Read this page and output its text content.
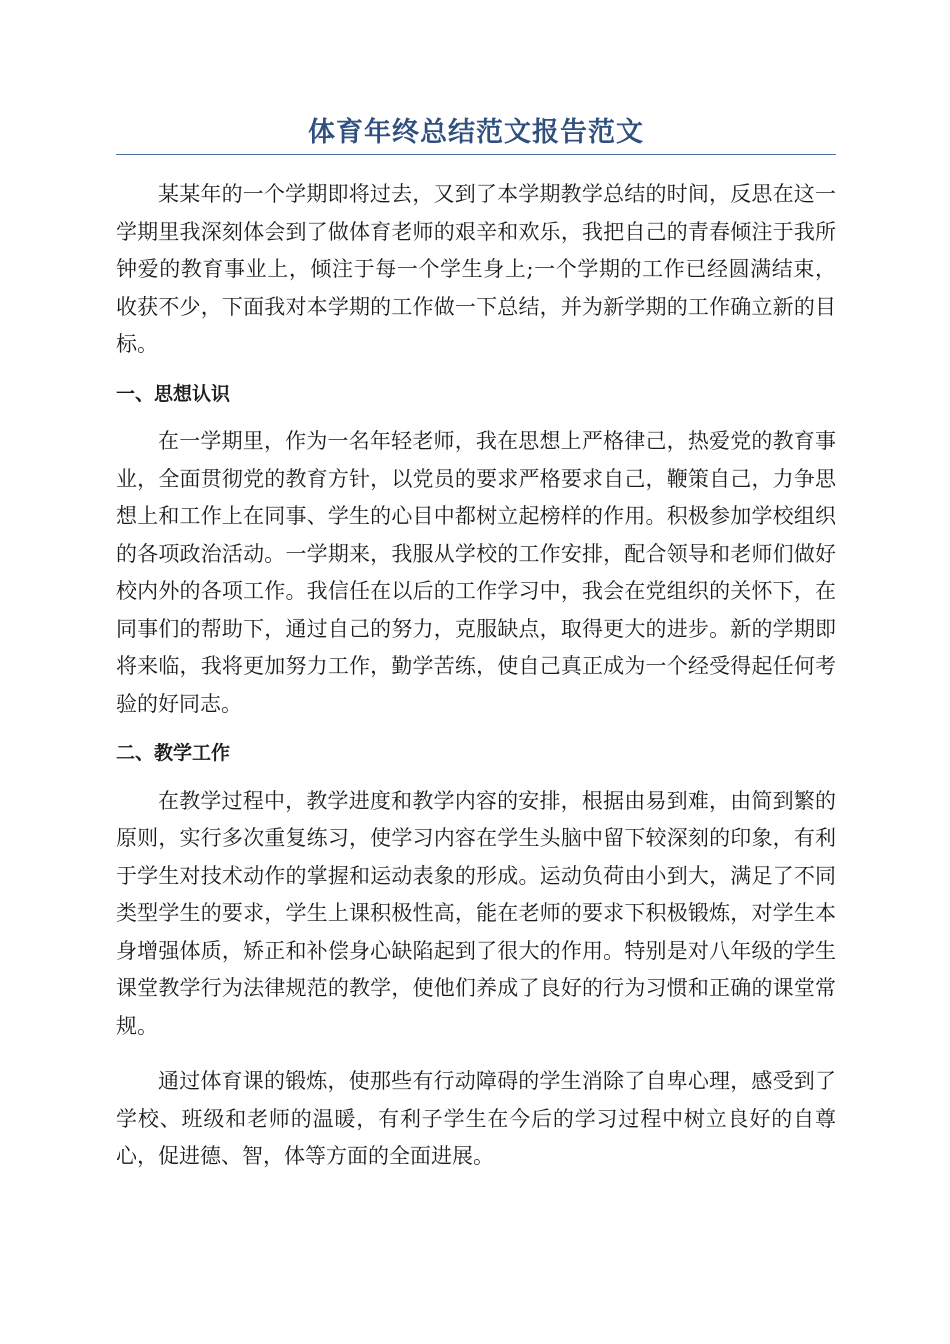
体育年终总结范文报告范文

某某年的一个学期即将过去，又到了本学期教学总结的时间，反思在这一学期里我深刻体会到了做体育老师的艰辛和欢乐，我把自己的青春倾注于我所钟爱的教育事业上，倾注于每一个学生身上;一个学期的工作已经圆满结束，收获不少，下面我对本学期的工作做一下总结，并为新学期的工作确立新的目标。

一、思想认识

在一学期里，作为一名年轻老师，我在思想上严格律己，热爱党的教育事业，全面贯彻党的教育方针，以党员的要求严格要求自己，鞭策自己，力争思想上和工作上在同事、学生的心目中都树立起榜样的作用。积极参加学校组织的各项政治活动。一学期来，我服从学校的工作安排，配合领导和老师们做好校内外的各项工作。我信任在以后的工作学习中，我会在党组织的关怀下，在同事们的帮助下，通过自己的努力，克服缺点，取得更大的进步。新的学期即将来临，我将更加努力工作，勤学苦练，使自己真正成为一个经受得起任何考验的好同志。

二、教学工作

在教学过程中，教学进度和教学内容的安排，根据由易到难，由简到繁的原则，实行多次重复练习，使学习内容在学生头脑中留下较深刻的印象，有利于学生对技术动作的掌握和运动表象的形成。运动负荷由小到大，满足了不同类型学生的要求，学生上课积极性高，能在老师的要求下积极锻炼，对学生本身增强体质，矫正和补偿身心缺陷起到了很大的作用。特别是对八年级的学生课堂教学行为法律规范的教学，使他们养成了良好的行为习惯和正确的课堂常规。

通过体育课的锻炼，使那些有行动障碍的学生消除了自卑心理，感受到了学校、班级和老师的温暖，有利子学生在今后的学习过程中树立良好的自尊心，促进德、智，体等方面的全面进展。
